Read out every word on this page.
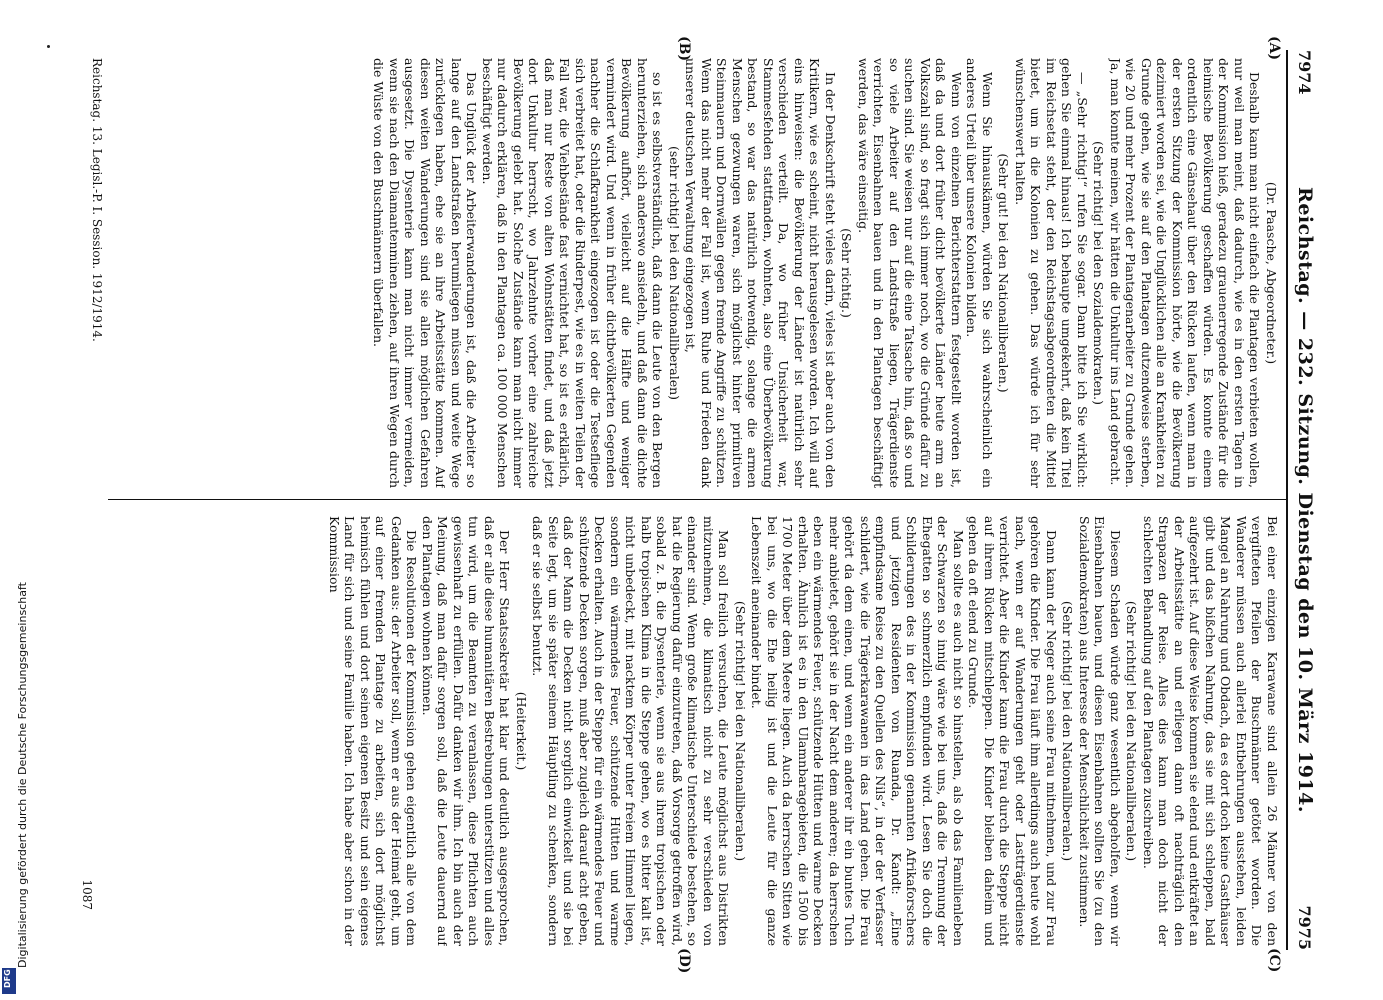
7974
Reichstag. — 232. Sitzung. Dienstag den 10. März 1914.
7975
(A)
(B)
(C)
(D)

(Dr. Paasche, Abgeordneter.)

Deshalb kann man nicht einfach die Plantagen verbieten wollen, nur weil man meint, daß dadurch, wie es in den ersten Tagen in der Kommission hieß, geradezu grauenerregende Zustände für die heimische Bevölkerung geschaffen würden. Es konnte einem ordentlich eine Gänsehaut über den Rücken laufen, wenn man in der ersten Sitzung der Kommission hörte, wie die Bevölkerung dezimiert worden sei, wie die Unglücklichen alle an Krankheiten zu Grunde gehen, wie sie auf den Plantagen dutzendweise sterben, wie 20 und mehr Prozent der Plantagenarbeiter zu Grunde gehen. Ja, man konnte meinen, wir hätten die Unkultur ins Land gebracht.

(Sehr richtig! bei den Sozialdemokraten.)

— „Sehr richtig!“ rufen Sie sogar. Dann bitte ich Sie wirklich: gehen Sie einmal hinaus! Ich behaupte umgekehrt, daß kein Titel im Reichsetat steht, der den Reichstagsabgeordneten die Mittel bietet, um in die Kolonien zu gehen. Das würde ich für sehr wünschenswert halten.

(Sehr gut! bei den Nationalliberalen.)

Wenn Sie hinauskämen, würden Sie sich wahrscheinlich ein anderes Urteil über unsere Kolonien bilden.

Wenn von einzelnen Berichterstattern festgestellt worden ist, daß da und dort früher dicht bevölkerte Länder heute arm an Volkszahl sind, so fragt sich immer noch, wo die Gründe dafür zu suchen sind. Sie weisen nur auf die eine Tatsache hin, daß so und so viele Arbeiter auf den Landstraße liegen, Trägerdienste verrichten, Eisenbahnen bauen und in den Plantagen beschäftigt werden, das wäre einseitig.

(Sehr richtig.)

In der Denkschrift steht vieles darin, vieles ist aber auch von den Kritikern, wie es scheint, nicht herausgelesen worden. Ich will auf eins hinweisen: die Bevölkerung der Länder ist natürlich sehr verschieden verteilt. Da, wo früher Unsicherheit war, Stammesfehden stattfanden, wohnten, also eine Überbevölkerung bestand, so war das natürlich notwendig, solange die armen Menschen gezwungen waren, sich möglichst hinter primitiven Steinmauern und Dornwällen gegen fremde Angriffe zu schützen. Wenn das nicht mehr der Fall ist, wenn Ruhe und Frieden dank unserer deutschen Verwaltung eingezogen ist,

(sehr richtig! bei den Nationalliberalen)

so ist es selbstverständlich, daß dann die Leute von den Bergen herunterziehen, sich anderswo ansiedeln, und daß dann die dichte Bevölkerung aufhört, vielleicht auf die Hälfte und weniger vermindert wird. Und wenn in früher dichtbevölkerten Gegenden nachher die Schlafkrankheit eingezogen ist oder die Tsetsefliege sich verbreitet hat, oder die Rinderpest, wie es in weiten Teilen der Fall war, die Viehbestände fast vernichtet hat, so ist es erklärlich, daß man nur Reste von alten Wohnstätten findet, und daß jetzt dort Unkultur herrscht, wo Jahrzehnte vorher eine zahlreiche Bevölkerung gelebt hat. Solche Zustände kann man nicht immer nur dadurch erklären, daß in den Plantagen ca. 100 000 Menschen beschäftigt werden.

Das Unglück der Arbeiterwanderungen ist, daß die Arbeiter so lange auf den Landstraßen herumliegen müssen und weite Wege zurücklegen haben, ehe sie an ihre Arbeitsstätte kommen. Auf diesen weiten Wanderungen sind sie allen möglichen Gefahren ausgesetzt. Die Dysenterie kann man nicht immer vermeiden, wenn sie nach den Diamantenminen ziehen, auf ihren Wegen durch die Wüste von den Buschmännern überfallen.

Bei einer einzigen Karawane sind allein 26 Männer von den vergifteten Pfeilen der Buschmänner getötet worden. Die Wanderer müssen auch allerlei Entbehrungen ausstehen, leiden Mangel an Nahrung und Obdach, da es dort doch keine Gasthäuser gibt und das bißchen Nahrung, das sie mit sich schleppen, bald aufgezehrt ist. Auf diese Weise kommen sie elend und entkräftet an der Arbeitsstätte an und erliegen dann oft nachträglich den Strapazen der Reise. Alles dies kann man doch nicht der schlechten Behandlung auf den Plantagen zuschreiben.

(Sehr richtig! bei den Nationalliberalen.)

Diesem Schaden würde ganz wesentlich abgeholfen, wenn wir Eisenbahnen bauen, und diesen Eisenbahnen sollten Sie (zu den Sozialdemokraten) aus Interesse der Menschlichkeit zustimmen.

(Sehr richtig! bei den Nationalliberalen.)

Dann kann der Neger auch seine Frau mitnehmen, und zur Frau gehören die Kinder. Die Frau läuft ihm allerdings auch heute wohl nach, wenn er auf Wanderungen geht oder Lastträgerdienste verrichtet. Aber die Kinder kann die Frau durch die Steppe nicht auf ihrem Rücken mitschleppen. Die Kinder bleiben daheim und gehen da oft elend zu Grunde.

Man sollte es auch nicht so hinstellen, als ob das Familienleben der Schwarzen so innig wäre wie bei uns, daß die Trennung der Ehegatten so schmerzlich empfunden wird. Lesen Sie doch die Schilderungen des in der Kommission genannten Afrikaforschers und jetzigen Residenten von Ruanda, Dr. Kandt: „Eine empfindsame Reise zu den Quellen des Nils“, in der der Verfasser schildert, wie die Trägerkarawanen in das Land gehen. Die Frau gehört da dem einen, und wenn ein anderer ihr ein buntes Tuch mehr anbietet, gehört sie in der Nacht dem anderen; da herrschen eben ein wärmendes Feuer, schützende Hütten und warme Decken erhalten. Ähnlich ist es in den Ulamnbaragebieten, die 1500 bis 1700 Meter über dem Meere liegen. Auch da herrschen Sitten wie bei uns, wo die Ehe heilig ist und die Leute für die ganze Lebenszeit aneinander bindet.

(Sehr richtig! bei den Nationalliberalen.)

Man soll freilich versuchen, die Leute möglichst aus Distrikten mitzunehmen, die klimatisch nicht zu sehr verschieden von einander sind. Wenn große klimatische Unterschiede bestehen, so hat die Regierung dafür einzutreten, daß Vorsorge getroffen wird, sobald z. B. die Dysenterie, wenn sie aus ihrem tropischen oder halb tropischen Klima in die Steppe gehen, wo es bitter kalt ist, nicht unbedeckt, mit nacktem Körper unter freiem Himmel liegen, sondern ein wärmendes Feuer, schützende Hütten und warme Decken erhalten. Auch in der Steppe für ein wärmendes Feuer und schützende Decken sorgen, muß aber zugleich darauf acht geben, daß der Mann die Decken nicht sorglich einwickelt und sie bei Seite legt, um sie später seinem Häuptling zu schenken, sondern daß er sie selbst benutzt.

(Heiterkeit.)

Der Herr Staatssekretär hat klar und deutlich ausgesprochen, daß er alle diese humanitären Bestrebungen unterstützen und alles tun wird, um die Beamten zu veranlassen, diese Pflichten auch gewissenhaft zu erfüllen. Dafür danken wir ihm. Ich bin auch der Meinung, daß man dafür sorgen soll, daß die Leute dauernd auf den Plantagen wohnen können.

Die Resolutionen der Kommission gehen eigentlich alle von dem Gedanken aus: der Arbeiter soll, wenn er aus der Heimat geht, um auf einer fremden Plantage zu arbeiten, sich dort möglichst heimisch fühlen und dort seinen eigenen Besitz und sein eigenes Land für sich und seine Familie haben. Ich habe aber schon in der Kommission

Reichstag. 13. Legisl.-P. I. Session. 1912/1914.
1087
Digitalisierung gefördert durch die Deutsche Forschungsgemeinschaft
DFG
